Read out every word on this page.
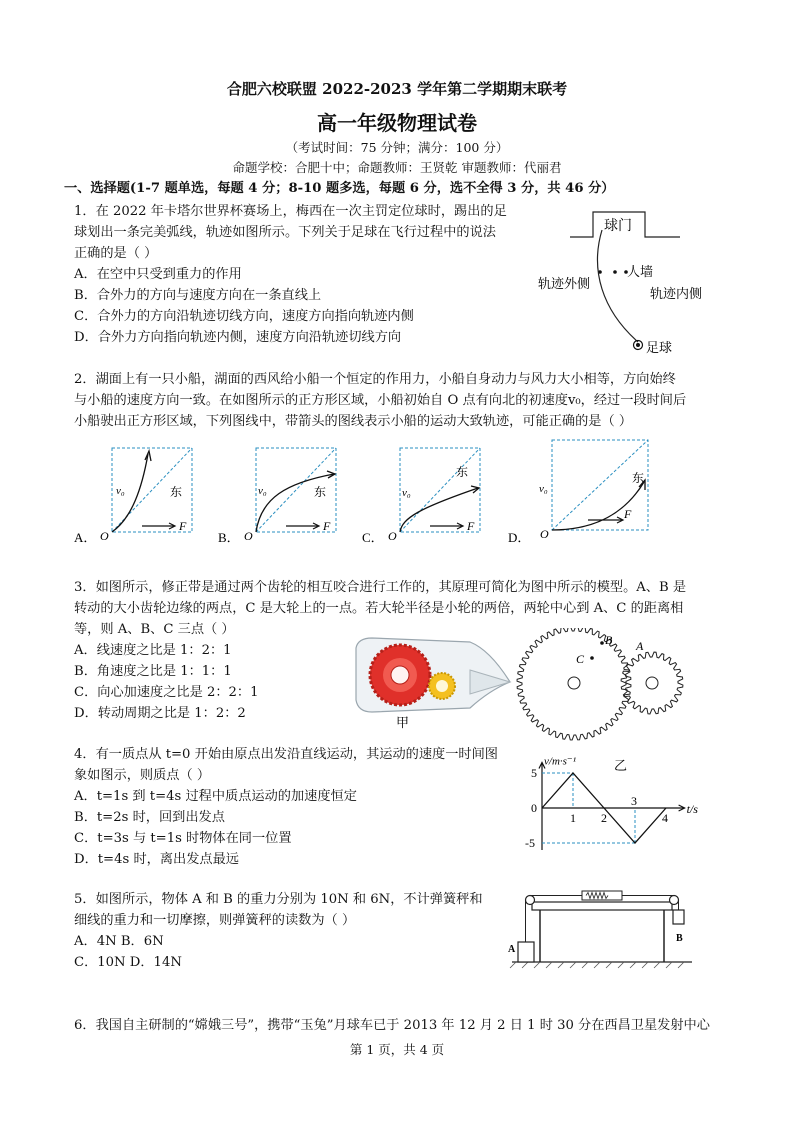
合肥六校联盟 2022-2023 学年第二学期期末联考
高一年级物理试卷
（考试时间：75 分钟；满分：100 分）
命题学校：合肥十中；命题教师：王贤乾 审题教师：代丽君
一、选择题(1-7 题单选，每题 4 分；8-10 题多选，每题 6 分，选不全得 3 分，共 46 分）
1．在 2022 年卡塔尔世界杯赛场上，梅西在一次主罚定位球时，踢出的足
球划出一条完美弧线，轨迹如图所示。下列关于足球在飞行过程中的说法
正确的是（ ）
A．在空中只受到重力的作用
B．合外力的方向与速度方向在一条直线上
C．合外力的方向沿轨迹切线方向，速度方向指向轨迹内侧
D．合外力方向指向轨迹内侧，速度方向沿轨迹切线方向
球门
人墙
轨迹外侧
轨迹内侧
足球
2．湖面上有一只小船，湖面的西风给小船一个恒定的作用力，小船自身动力与风力大小相等，方向始终
与小船的速度方向一致。在如图所示的正方形区域，小船初始自 O 点有向北的初速度v₀，经过一段时间后
小船驶出正方形区域，下列图线中，带箭头的图线表示小船的运动大致轨迹，可能正确的是（ ）
A． O
v₀	东
F
B． O
v₀	东
F
C． O
v₀
东
F
D． O
v₀
东
F
3．如图所示，修正带是通过两个齿轮的相互咬合进行工作的，其原理可简化为图中所示的模型。A、B 是
转动的大小齿轮边缘的两点，C 是大轮上的一点。若大轮半径是小轮的两倍，两轮中心到 A、C 的距离相
等，则 A、B、C 三点（ ）
A．线速度之比是 1：2：1
B．角速度之比是 1：1：1
C．向心加速度之比是 2：2：1
D．转动周期之比是 1：2：2
甲
C
B A
乙
4．有一质点从 t=0 开始由原点出发沿直线运动，其运动的速度一时间图
象如图示，则质点（ ）
A．t=1s 到 t=4s 过程中质点运动的加速度恒定
B．t=2s 时，回到出发点
C．t=3s 与 t=1s 时物体在同一位置
D．t=4s 时，离出发点最远
v/m·s⁻¹
t/s
1 2
3
4
5
0
-5
5．如图所示，物体 A 和 B 的重力分别为 10N 和 6N，不计弹簧秤和
细线的重力和一切摩擦，则弹簧秤的读数为（ ）
A．4N B．6N
C．10N D．14N
A
B
6．我国自主研制的“嫦娥三号”，携带“玉兔”月球车已于 2013 年 12 月 2 日 1 时 30 分在西昌卫星发射中心
第 1 页，共 4 页
